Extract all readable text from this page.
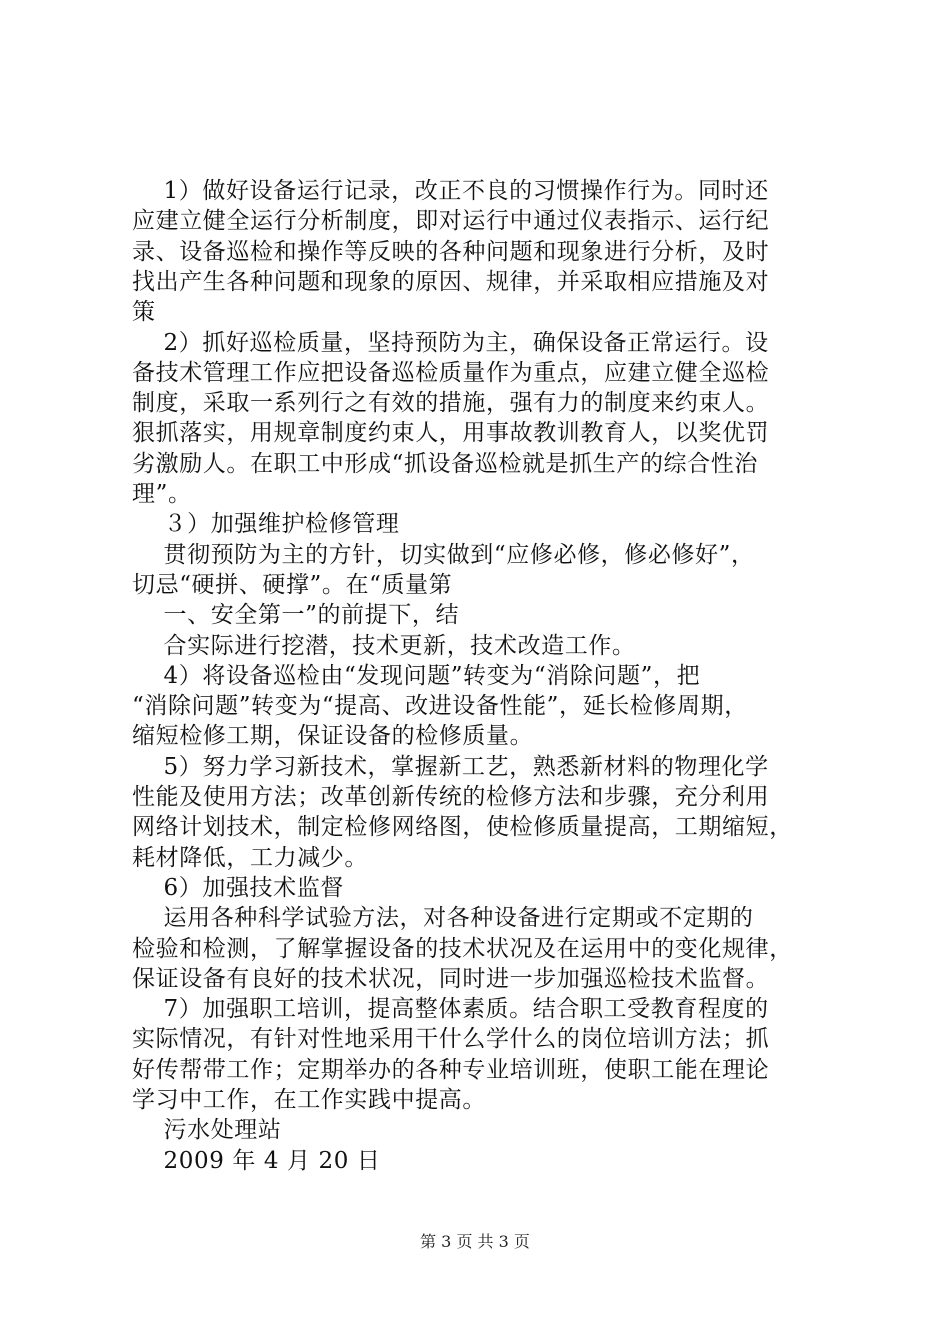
　 1）做好设备运行记录，改正不良的习惯操作行为。同时还
应建立健全运行分析制度，即对运行中通过仪表指示、运行纪
录、设备巡检和操作等反映的各种问题和现象进行分析，及时
找出产生各种问题和现象的原因、规律，并采取相应措施及对
策
　 2）抓好巡检质量，坚持预防为主，确保设备正常运行。设
备技术管理工作应把设备巡检质量作为重点，应建立健全巡检
制度，采取一系列行之有效的措施，强有力的制度来约束人。
狠抓落实，用规章制度约束人，用事故教训教育人，以奖优罚
劣激励人。在职工中形成“抓设备巡检就是抓生产的综合性治
理”。
　 ３）加强维护检修管理
　 贯彻预防为主的方针，切实做到“应修必修，修必修好”，
切忌“硬拼、硬撑”。在“质量第
　 一、安全第一”的前提下，结
　 合实际进行挖潜，技术更新，技术改造工作。
　 4）将设备巡检由“发现问题”转变为“消除问题”，把
“消除问题”转变为“提高、改进设备性能”，延长检修周期，
缩短检修工期，保证设备的检修质量。
　 5）努力学习新技术，掌握新工艺，熟悉新材料的物理化学
性能及使用方法；改革创新传统的检修方法和步骤，充分利用
网络计划技术，制定检修网络图，使检修质量提高，工期缩短，
耗材降低，工力减少。
　 6）加强技术监督
　 运用各种科学试验方法，对各种设备进行定期或不定期的
检验和检测，了解掌握设备的技术状况及在运用中的变化规律，
保证设备有良好的技术状况，同时进一步加强巡检技术监督。
　 7）加强职工培训，提高整体素质。结合职工受教育程度的
实际情况，有针对性地采用干什么学什么的岗位培训方法；抓
好传帮带工作；定期举办的各种专业培训班，使职工能在理论
学习中工作，在工作实践中提高。
　 污水处理站
　 2009 年 4 月 20 日
第 3 页 共 3 页
